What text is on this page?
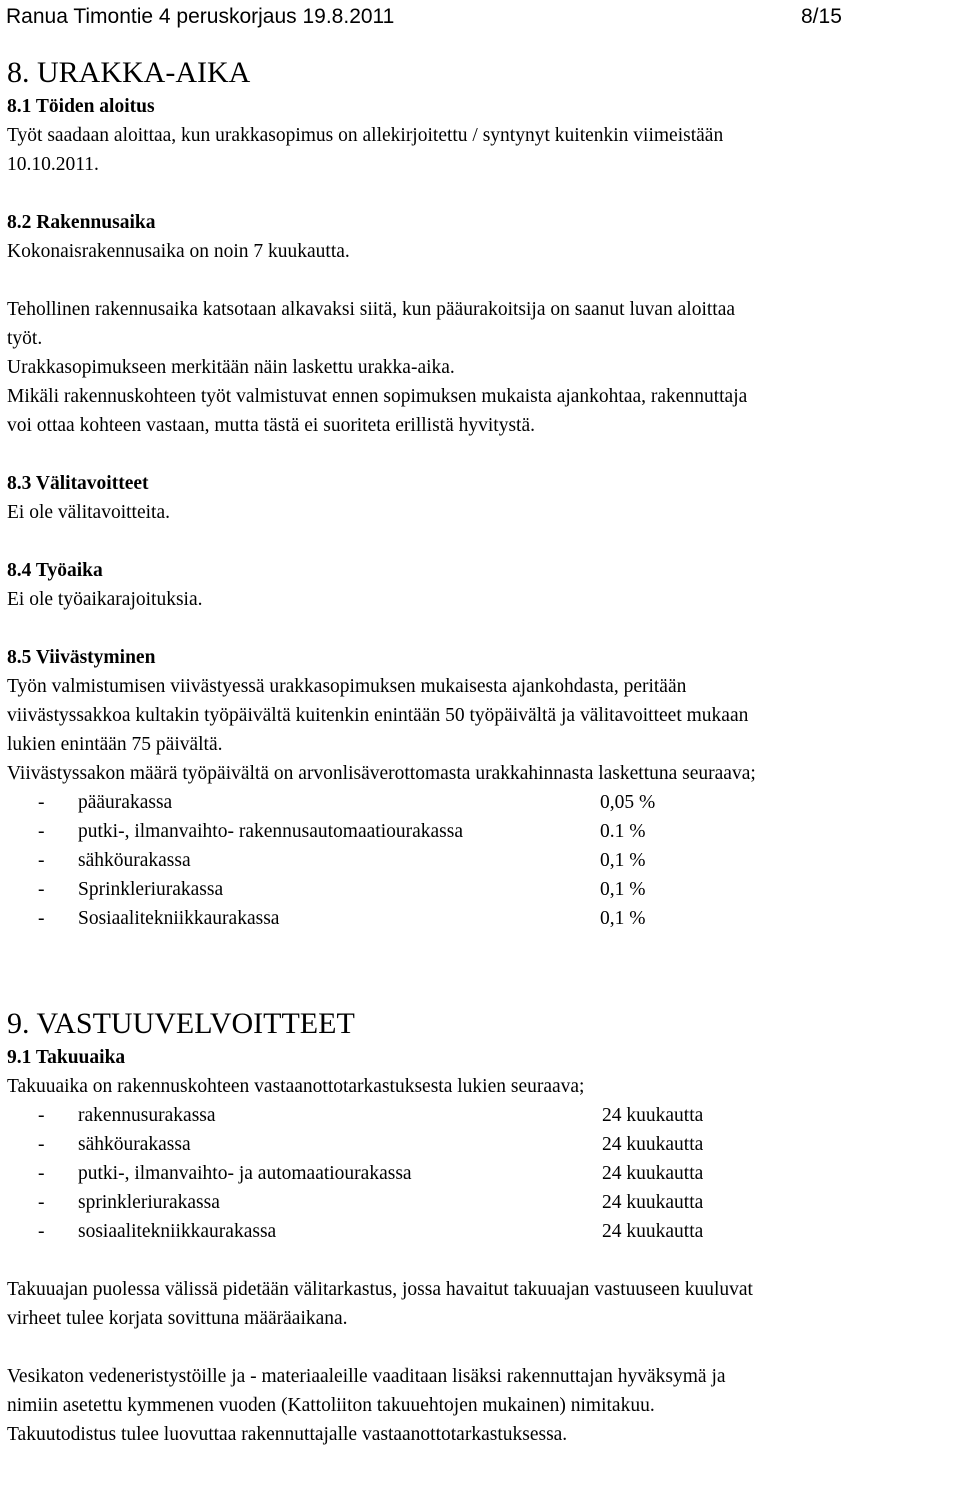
Ranua Timontie 4 peruskorjaus 19.8.2011	8/15
8. URAKKA-AIKA
8.1 Töiden aloitus
Työt saadaan aloittaa, kun urakkasopimus on allekirjoitettu / syntynyt kuitenkin viimeistään
10.10.2011.
8.2 Rakennusaika
Kokonaisrakennusaika on noin 7 kuukautta.
Tehollinen rakennusaika katsotaan alkavaksi siitä, kun pääurakoitsija on saanut luvan aloittaa
työt.
Urakkasopimukseen merkitään näin laskettu urakka-aika.
Mikäli rakennuskohteen työt valmistuvat ennen sopimuksen mukaista ajankohtaa, rakennuttaja
voi ottaa kohteen vastaan, mutta tästä ei suoriteta erillistä hyvitystä.
8.3 Välitavoitteet
Ei ole välitavoitteita.
8.4 Työaika
Ei ole työaikarajoituksia.
8.5 Viivästyminen
Työn valmistumisen viivästyessä urakkasopimuksen mukaisesta ajankohdasta, peritään
viivästyssakkoa kultakin työpäivältä kuitenkin enintään 50 työpäivältä ja välitavoitteet mukaan
lukien enintään 75 päivältä.
Viivästyssakon määrä työpäivältä on arvonlisäverottomasta urakkahinnasta laskettuna seuraava;
- pääurakassa	0,05 %
- putki-, ilmanvaihto- rakennusautomaatiourakassa	0.1 %
- sähköurakassa	0,1 %
- Sprinkleriurakassa	0,1 %
- Sosiaalitekniikkaurakassa	0,1 %
9. VASTUUVELVOITTEET
9.1 Takuuaika
Takuuaika on rakennuskohteen vastaanottotarkastuksesta lukien seuraava;
- rakennusurakassa	24 kuukautta
- sähköurakassa	24 kuukautta
- putki-, ilmanvaihto- ja automaatiourakassa	24 kuukautta
- sprinkleriurakassa	24 kuukautta
- sosiaalitekniikkaurakassa	24 kuukautta
Takuuajan puolessa välissä pidetään välitarkastus, jossa havaitut takuuajan vastuuseen kuuluvat
virheet tulee korjata sovittuna määräaikana.
Vesikaton vedeneristystöille ja - materiaaleille vaaditaan lisäksi rakennuttajan hyväksymä ja
nimiin asetettu kymmenen vuoden (Kattoliiton takuuehtojen mukainen) nimitakuu.
Takuutodistus tulee luovuttaa rakennuttajalle vastaanottotarkastuksessa.
